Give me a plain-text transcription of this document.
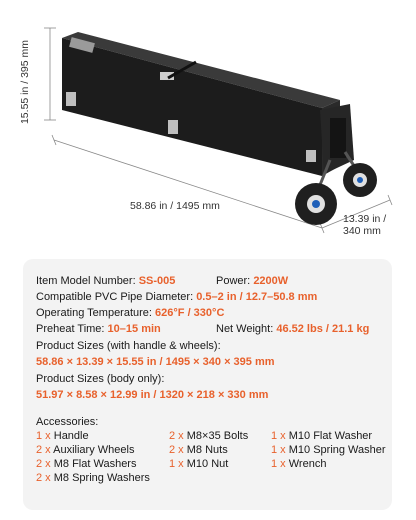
15.55 in / 395 mm
58.86 in / 1495 mm
13.39 in /
340 mm
Item Model Number: SS-005	Power: 2200W
Compatible PVC Pipe Diameter: 0.5–2 in / 12.7–50.8 mm
Operating Temperature: 626°F / 330°C
Preheat Time: 10–15 min	Net Weight: 46.52 lbs / 21.1 kg
Product Sizes (with handle & wheels):
58.86 × 13.39 × 15.55 in / 1495 × 340 × 395 mm
Product Sizes (body only):
51.97 × 8.58 × 12.99 in / 1320 × 218 × 330 mm
Accessories:
1 x Handle
2 x Auxiliary Wheels
2 x M8 Flat Washers
2 x M8 Spring Washers
2 x M8×35 Bolts
2 x M8 Nuts
1 x M10 Nut
1 x M10 Flat Washer
1 x M10 Spring Washer
1 x Wrench
